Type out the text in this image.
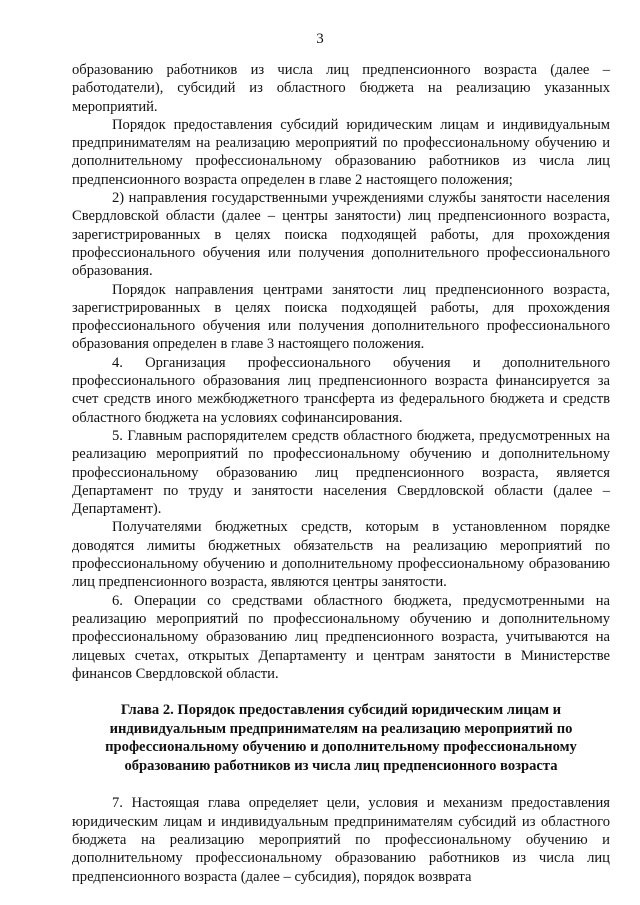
3

образованию работников из числа лиц предпенсионного возраста (далее – работодатели), субсидий из областного бюджета на реализацию указанных мероприятий.

Порядок предоставления субсидий юридическим лицам и индивидуальным предпринимателям на реализацию мероприятий по профессиональному обучению и дополнительному профессиональному образованию работников из числа лиц предпенсионного возраста определен в главе 2 настоящего положения;

2) направления государственными учреждениями службы занятости населения Свердловской области (далее – центры занятости) лиц предпенсионного возраста, зарегистрированных в целях поиска подходящей работы, для прохождения профессионального обучения или получения дополнительного профессионального образования.

Порядок направления центрами занятости лиц предпенсионного возраста, зарегистрированных в целях поиска подходящей работы, для прохождения профессионального обучения или получения дополнительного профессионального образования определен в главе 3 настоящего положения.

4. Организация профессионального обучения и дополнительного профессионального образования лиц предпенсионного возраста финансируется за счет средств иного межбюджетного трансферта из федерального бюджета и средств областного бюджета на условиях софинансирования.

5. Главным распорядителем средств областного бюджета, предусмотренных на реализацию мероприятий по профессиональному обучению и дополнительному профессиональному образованию лиц предпенсионного возраста, является Департамент по труду и занятости населения Свердловской области (далее – Департамент).

Получателями бюджетных средств, которым в установленном порядке доводятся лимиты бюджетных обязательств на реализацию мероприятий по профессиональному обучению и дополнительному профессиональному образованию лиц предпенсионного возраста, являются центры занятости.

6. Операции со средствами областного бюджета, предусмотренными на реализацию мероприятий по профессиональному обучению и дополнительному профессиональному образованию лиц предпенсионного возраста, учитываются на лицевых счетах, открытых Департаменту и центрам занятости в Министерстве финансов Свердловской области.

Глава 2. Порядок предоставления субсидий юридическим лицам и индивидуальным предпринимателям на реализацию мероприятий по профессиональному обучению и дополнительному профессиональному образованию работников из числа лиц предпенсионного возраста

7. Настоящая глава определяет цели, условия и механизм предоставления юридическим лицам и индивидуальным предпринимателям субсидий из областного бюджета на реализацию мероприятий по профессиональному обучению и дополнительному профессиональному образованию работников из числа лиц предпенсионного возраста (далее – субсидия), порядок возврата
